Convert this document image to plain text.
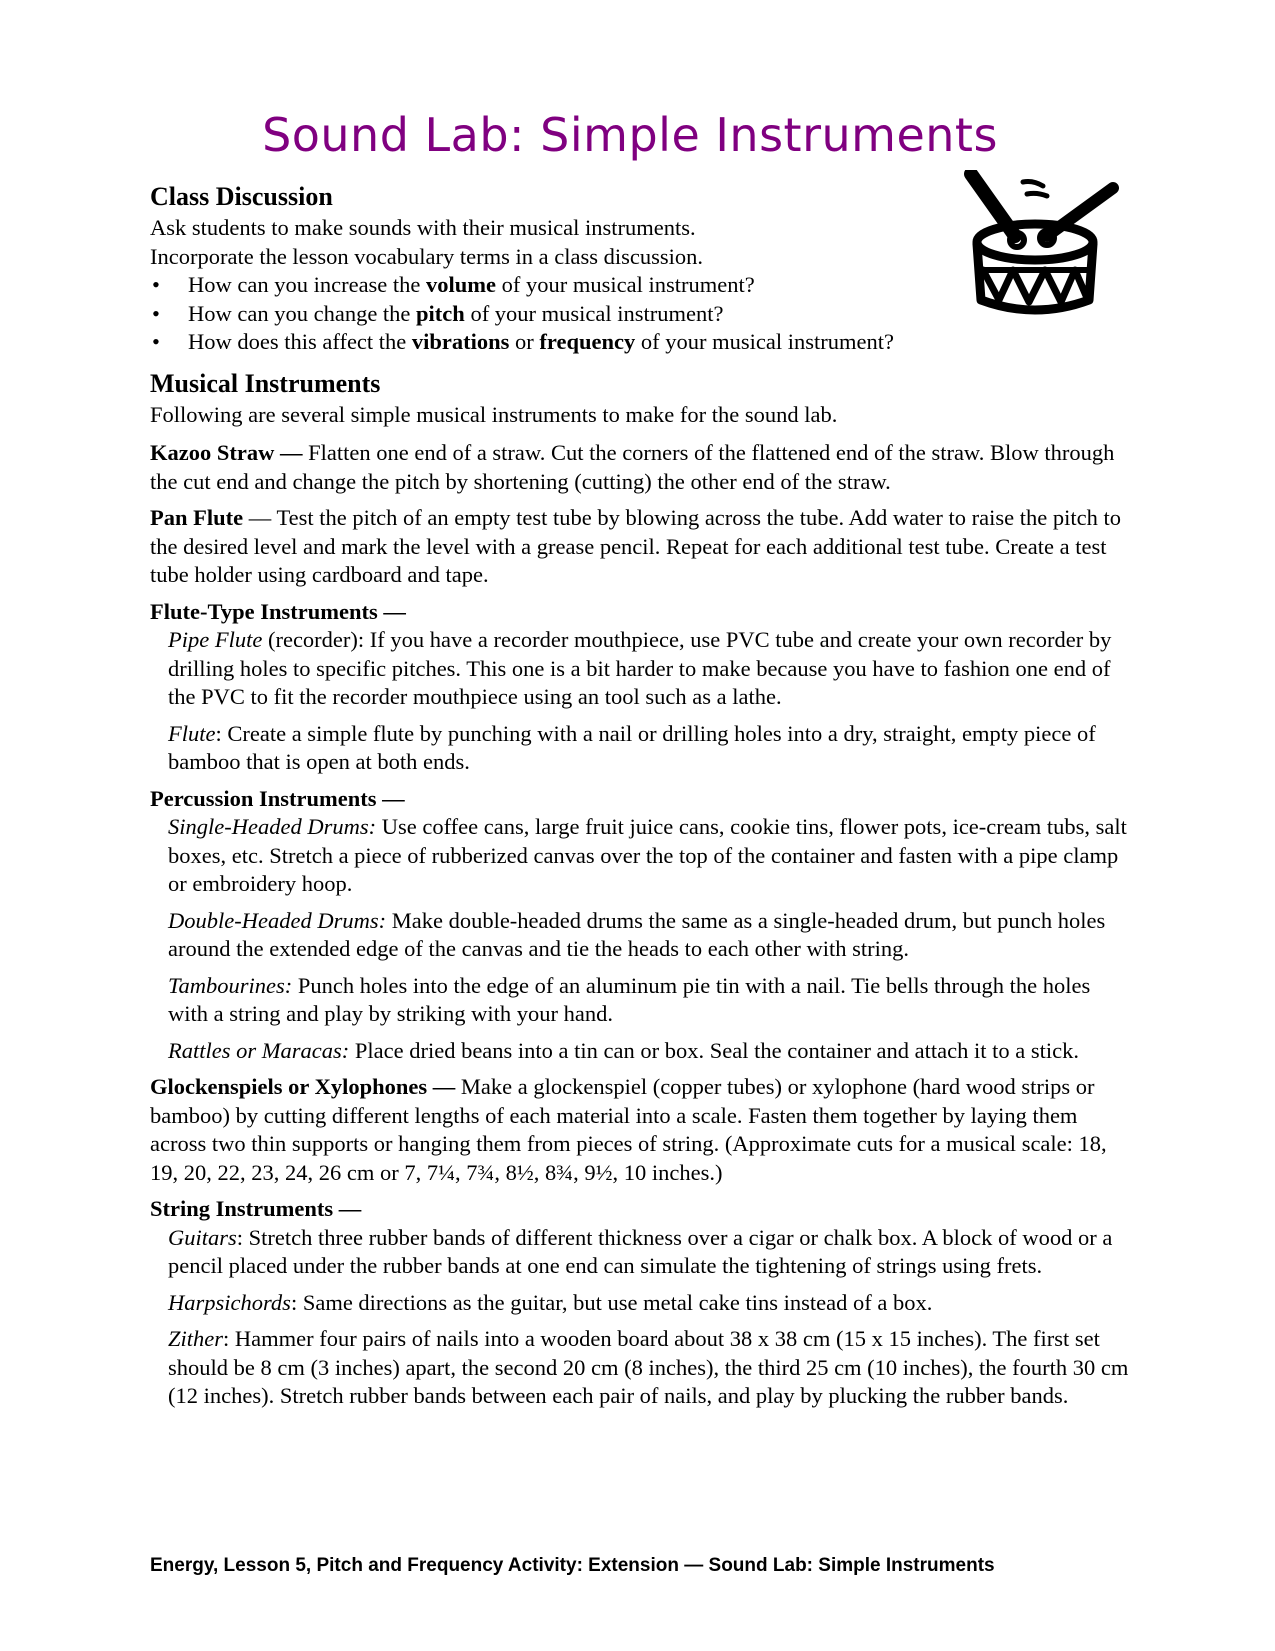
Sound Lab: Simple Instruments
Class Discussion

Ask students to make sounds with their musical instruments.

Incorporate the lesson vocabulary terms in a class discussion.

• How can you increase the volume of your musical instrument?
• How can you change the pitch of your musical instrument?
• How does this affect the vibrations or frequency of your musical instrument?
Musical Instruments

Following are several simple musical instruments to make for the sound lab.

Kazoo Straw — Flatten one end of a straw. Cut the corners of the flattened end of the straw. Blow through the cut end and change the pitch by shortening (cutting) the other end of the straw.

Pan Flute — Test the pitch of an empty test tube by blowing across the tube. Add water to raise the pitch to the desired level and mark the level with a grease pencil. Repeat for each additional test tube. Create a test tube holder using cardboard and tape.

Flute-Type Instruments —

Pipe Flute (recorder): If you have a recorder mouthpiece, use PVC tube and create your own recorder by drilling holes to specific pitches. This one is a bit harder to make because you have to fashion one end of the PVC to fit the recorder mouthpiece using an tool such as a lathe.

Flute: Create a simple flute by punching with a nail or drilling holes into a dry, straight, empty piece of bamboo that is open at both ends.

Percussion Instruments —

Single-Headed Drums: Use coffee cans, large fruit juice cans, cookie tins, flower pots, ice-cream tubs, salt boxes, etc. Stretch a piece of rubberized canvas over the top of the container and fasten with a pipe clamp or embroidery hoop.

Double-Headed Drums: Make double-headed drums the same as a single-headed drum, but punch holes around the extended edge of the canvas and tie the heads to each other with string.

Tambourines: Punch holes into the edge of an aluminum pie tin with a nail. Tie bells through the holes with a string and play by striking with your hand.

Rattles or Maracas: Place dried beans into a tin can or box. Seal the container and attach it to a stick.

Glockenspiels or Xylophones — Make a glockenspiel (copper tubes) or xylophone (hard wood strips or bamboo) by cutting different lengths of each material into a scale. Fasten them together by laying them across two thin supports or hanging them from pieces of string. (Approximate cuts for a musical scale: 18, 19, 20, 22, 23, 24, 26 cm or 7, 7¼, 7¾, 8½, 8¾, 9½, 10 inches.)

String Instruments —

Guitars: Stretch three rubber bands of different thickness over a cigar or chalk box. A block of wood or a pencil placed under the rubber bands at one end can simulate the tightening of strings using frets.

Harpsichords: Same directions as the guitar, but use metal cake tins instead of a box.

Zither: Hammer four pairs of nails into a wooden board about 38 x 38 cm (15 x 15 inches). The first set should be 8 cm (3 inches) apart, the second 20 cm (8 inches), the third 25 cm (10 inches), the fourth 30 cm (12 inches). Stretch rubber bands between each pair of nails, and play by plucking the rubber bands.

Energy, Lesson 5, Pitch and Frequency Activity: Extension — Sound Lab: Simple Instruments
